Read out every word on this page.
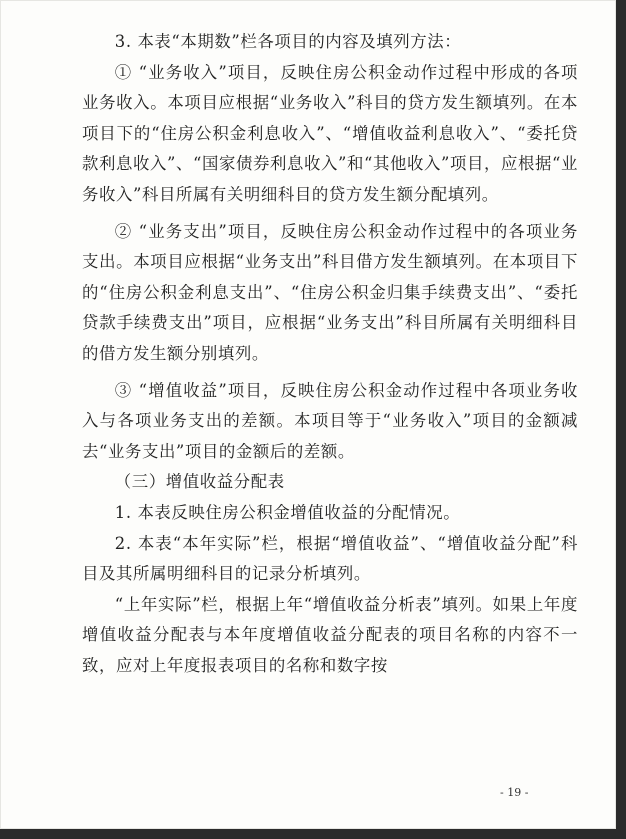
3. 本表“本期数”栏各项目的内容及填列方法：

① “业务收入”项目，反映住房公积金动作过程中形成的各项业务收入。本项目应根据“业务收入”科目的贷方发生额填列。在本项目下的“住房公积金利息收入”、“增值收益利息收入”、“委托贷款利息收入”、“国家债券利息收入”和“其他收入”项目，应根据“业务收入”科目所属有关明细科目的贷方发生额分配填列。

② “业务支出”项目，反映住房公积金动作过程中的各项业务支出。本项目应根据“业务支出”科目借方发生额填列。在本项目下的“住房公积金利息支出”、“住房公积金归集手续费支出”、“委托贷款手续费支出”项目，应根据“业务支出”科目所属有关明细科目的借方发生额分别填列。

③ “增值收益”项目，反映住房公积金动作过程中各项业务收入与各项业务支出的差额。本项目等于“业务收入”项目的金额减去“业务支出”项目的金额后的差额。

（三）增值收益分配表

1. 本表反映住房公积金增值收益的分配情况。

2. 本表“本年实际”栏，根据“增值收益”、“增值收益分配”科目及其所属明细科目的记录分析填列。

“上年实际”栏，根据上年“增值收益分析表”填列。如果上年度增值收益分配表与本年度增值收益分配表的项目名称的内容不一致，应对上年度报表项目的名称和数字按

- 19 -
